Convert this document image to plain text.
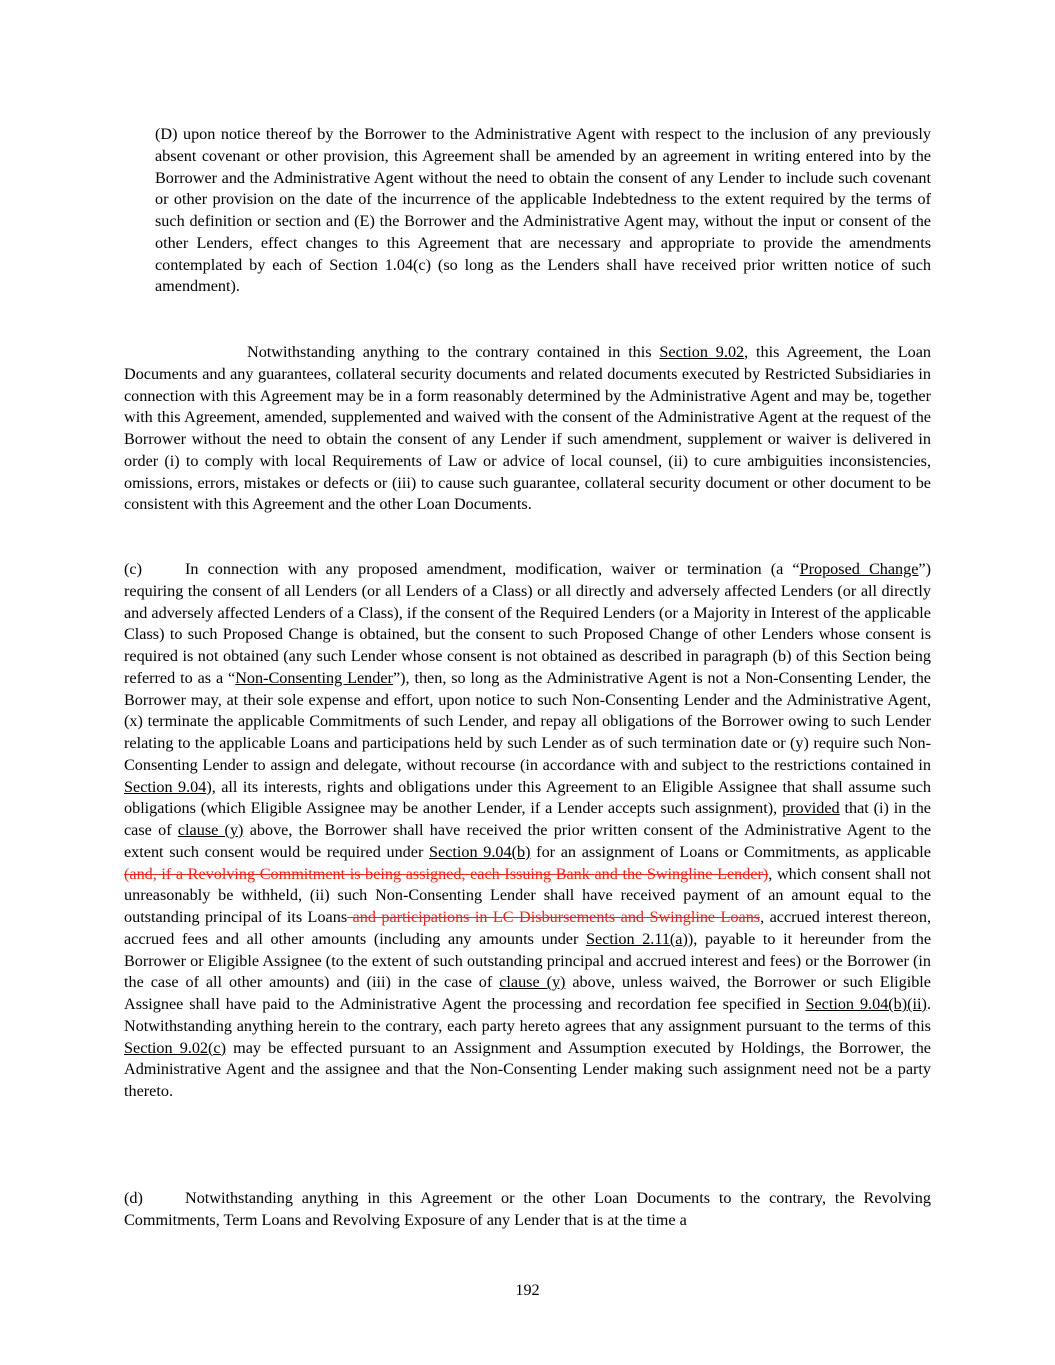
(D) upon notice thereof by the Borrower to the Administrative Agent with respect to the inclusion of any previously absent covenant or other provision, this Agreement shall be amended by an agreement in writing entered into by the Borrower and the Administrative Agent without the need to obtain the consent of any Lender to include such covenant or other provision on the date of the incurrence of the applicable Indebtedness to the extent required by the terms of such definition or section and (E) the Borrower and the Administrative Agent may, without the input or consent of the other Lenders, effect changes to this Agreement that are necessary and appropriate to provide the amendments contemplated by each of Section 1.04(c) (so long as the Lenders shall have received prior written notice of such amendment).

Notwithstanding anything to the contrary contained in this Section 9.02, this Agreement, the Loan Documents and any guarantees, collateral security documents and related documents executed by Restricted Subsidiaries in connection with this Agreement may be in a form reasonably determined by the Administrative Agent and may be, together with this Agreement, amended, supplemented and waived with the consent of the Administrative Agent at the request of the Borrower without the need to obtain the consent of any Lender if such amendment, supplement or waiver is delivered in order (i) to comply with local Requirements of Law or advice of local counsel, (ii) to cure ambiguities inconsistencies, omissions, errors, mistakes or defects or (iii) to cause such guarantee, collateral security document or other document to be consistent with this Agreement and the other Loan Documents.

(c)	In connection with any proposed amendment, modification, waiver or termination (a “Proposed Change”) requiring the consent of all Lenders (or all Lenders of a Class) or all directly and adversely affected Lenders (or all directly and adversely affected Lenders of a Class), if the consent of the Required Lenders (or a Majority in Interest of the applicable Class) to such Proposed Change is obtained, but the consent to such Proposed Change of other Lenders whose consent is required is not obtained (any such Lender whose consent is not obtained as described in paragraph (b) of this Section being referred to as a “Non-Consenting Lender”), then, so long as the Administrative Agent is not a Non-Consenting Lender, the Borrower may, at their sole expense and effort, upon notice to such Non-Consenting Lender and the Administrative Agent, (x) terminate the applicable Commitments of such Lender, and repay all obligations of the Borrower owing to such Lender relating to the applicable Loans and participations held by such Lender as of such termination date or (y) require such Non-Consenting Lender to assign and delegate, without recourse (in accordance with and subject to the restrictions contained in Section 9.04), all its interests, rights and obligations under this Agreement to an Eligible Assignee that shall assume such obligations (which Eligible Assignee may be another Lender, if a Lender accepts such assignment), provided that (i) in the case of clause (y) above, the Borrower shall have received the prior written consent of the Administrative Agent to the extent such consent would be required under Section 9.04(b) for an assignment of Loans or Commitments, as applicable (and, if a Revolving Commitment is being assigned, each Issuing Bank and the Swingline Lender), which consent shall not unreasonably be withheld, (ii) such Non-Consenting Lender shall have received payment of an amount equal to the outstanding principal of its Loans and participations in LC Disbursements and Swingline Loans, accrued interest thereon, accrued fees and all other amounts (including any amounts under Section 2.11(a)), payable to it hereunder from the Borrower or Eligible Assignee (to the extent of such outstanding principal and accrued interest and fees) or the Borrower (in the case of all other amounts) and (iii) in the case of clause (y) above, unless waived, the Borrower or such Eligible Assignee shall have paid to the Administrative Agent the processing and recordation fee specified in Section 9.04(b)(ii). Notwithstanding anything herein to the contrary, each party hereto agrees that any assignment pursuant to the terms of this Section 9.02(c) may be effected pursuant to an Assignment and Assumption executed by Holdings, the Borrower, the Administrative Agent and the assignee and that the Non-Consenting Lender making such assignment need not be a party thereto.

(d)	Notwithstanding anything in this Agreement or the other Loan Documents to the contrary, the Revolving Commitments, Term Loans and Revolving Exposure of any Lender that is at the time a

192
